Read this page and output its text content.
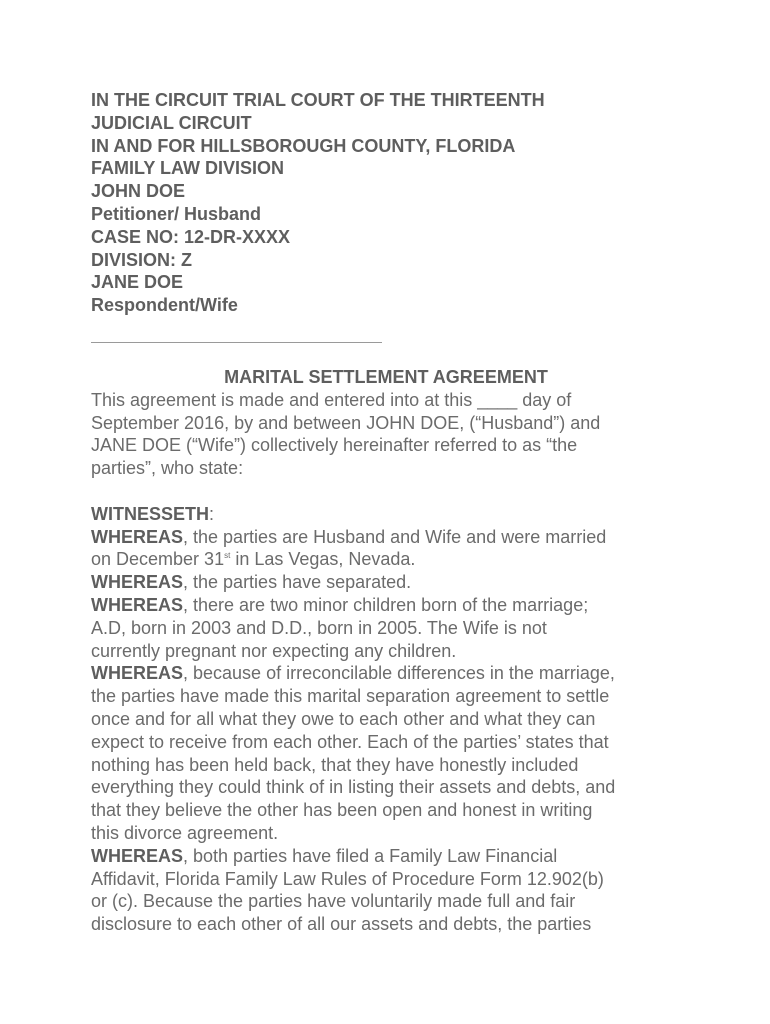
IN THE CIRCUIT TRIAL COURT OF THE THIRTEENTH
JUDICIAL CIRCUIT
IN AND FOR HILLSBOROUGH COUNTY, FLORIDA
FAMILY LAW DIVISION
JOHN DOE
Petitioner/ Husband
CASE NO: 12-DR-XXXX
DIVISION: Z
JANE DOE
Respondent/Wife
MARITAL SETTLEMENT AGREEMENT
This agreement is made and entered into at this ____ day of
September 2016, by and between JOHN DOE, (“Husband”) and
JANE DOE (“Wife”) collectively hereinafter referred to as “the
parties”, who state:
WITNESSETH:
WHEREAS, the parties are Husband and Wife and were married
on December 31st in Las Vegas, Nevada.
WHEREAS, the parties have separated.
WHEREAS, there are two minor children born of the marriage;
A.D, born in 2003 and D.D., born in 2005. The Wife is not
currently pregnant nor expecting any children.
WHEREAS, because of irreconcilable differences in the marriage,
the parties have made this marital separation agreement to settle
once and for all what they owe to each other and what they can
expect to receive from each other. Each of the parties’ states that
nothing has been held back, that they have honestly included
everything they could think of in listing their assets and debts, and
that they believe the other has been open and honest in writing
this divorce agreement.
WHEREAS, both parties have filed a Family Law Financial
Affidavit, Florida Family Law Rules of Procedure Form 12.902(b)
or (c). Because the parties have voluntarily made full and fair
disclosure to each other of all our assets and debts, the parties
